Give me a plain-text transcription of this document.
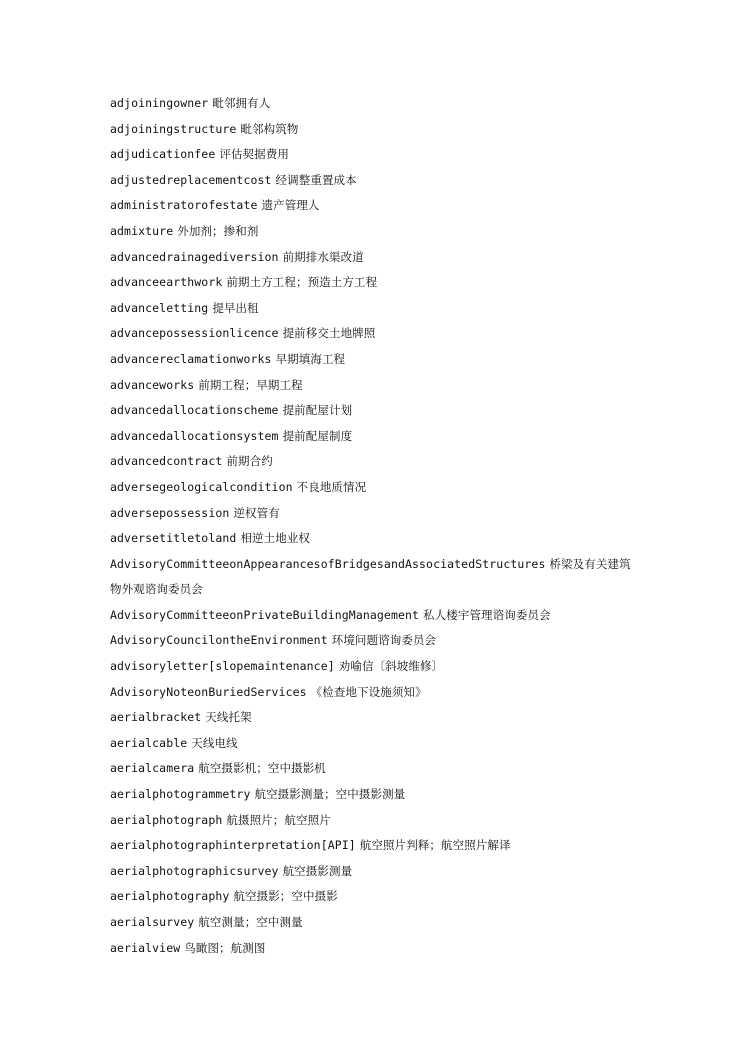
adjoiningowner 毗邻拥有人
adjoiningstructure 毗邻构筑物
adjudicationfee 评估契据费用
adjustedreplacementcost 经调整重置成本
administratorofestate 遗产管理人
admixture 外加剂；掺和剂
advancedrainagediversion 前期排水渠改道
advanceearthwork 前期土方工程；预造土方工程
advanceletting 提早出租
advancepossessionlicence 提前移交土地牌照
advancereclamationworks 早期填海工程
advanceworks 前期工程；早期工程
advancedallocationscheme 提前配屋计划
advancedallocationsystem 提前配屋制度
advancedcontract 前期合约
adversegeologicalcondition 不良地质情况
adversepossession 逆权管有
adversetitletoland 相逆土地业权
AdvisoryCommitteeonAppearancesofBridgesandAssociatedStructures 桥梁及有关建筑物外观谘询委员会
AdvisoryCommitteeonPrivateBuildingManagement 私人楼宇管理谘询委员会
AdvisoryCouncilontheEnvironment 环境问题谘询委员会
advisoryletter[slopemaintenance] 劝喻信〔斜坡维修〕
AdvisoryNoteonBuriedServices 《检查地下设施须知》
aerialbracket 天线托架
aerialcable 天线电线
aerialcamera 航空摄影机；空中摄影机
aerialphotogrammetry 航空摄影测量；空中摄影测量
aerialphotograph 航摄照片；航空照片
aerialphotographinterpretation[API] 航空照片判释；航空照片解译
aerialphotographicsurvey 航空摄影测量
aerialphotography 航空摄影；空中摄影
aerialsurvey 航空测量；空中测量
aerialview 鸟瞰图；航测图
